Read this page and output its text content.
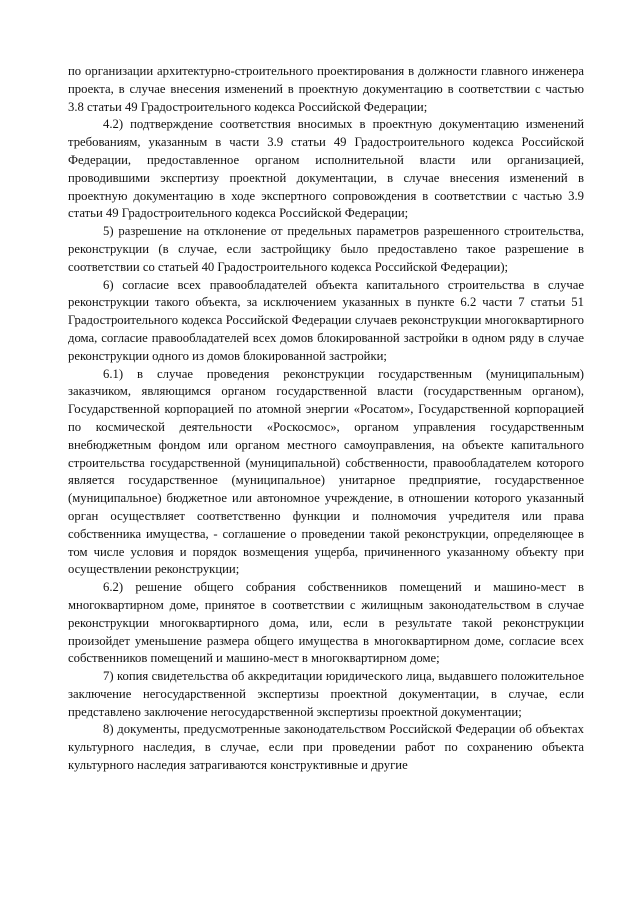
по организации архитектурно-строительного проектирования в должности главного инженера проекта, в случае внесения изменений в проектную документацию в соответствии с частью 3.8 статьи 49 Градостроительного кодекса Российской Федерации;

4.2) подтверждение соответствия вносимых в проектную документацию изменений требованиям, указанным в части 3.9 статьи 49 Градостроительного кодекса Российской Федерации, предоставленное органом исполнительной власти или организацией, проводившими экспертизу проектной документации, в случае внесения изменений в проектную документацию в ходе экспертного сопровождения в соответствии с частью 3.9 статьи 49 Градостроительного кодекса Российской Федерации;

5) разрешение на отклонение от предельных параметров разрешенного строительства, реконструкции (в случае, если застройщику было предоставлено такое разрешение в соответствии со статьей 40 Градостроительного кодекса Российской Федерации);

6) согласие всех правообладателей объекта капитального строительства в случае реконструкции такого объекта, за исключением указанных в пункте 6.2 части 7 статьи 51 Градостроительного кодекса Российской Федерации случаев реконструкции многоквартирного дома, согласие правообладателей всех домов блокированной застройки в одном ряду в случае реконструкции одного из домов блокированной застройки;

6.1) в случае проведения реконструкции государственным (муниципальным) заказчиком, являющимся органом государственной власти (государственным органом), Государственной корпорацией по атомной энергии «Росатом», Государственной корпорацией по космической деятельности «Роскосмос», органом управления государственным внебюджетным фондом или органом местного самоуправления, на объекте капитального строительства государственной (муниципальной) собственности, правообладателем которого является государственное (муниципальное) унитарное предприятие, государственное (муниципальное) бюджетное или автономное учреждение, в отношении которого указанный орган осуществляет соответственно функции и полномочия учредителя или права собственника имущества, - соглашение о проведении такой реконструкции, определяющее в том числе условия и порядок возмещения ущерба, причиненного указанному объекту при осуществлении реконструкции;

6.2) решение общего собрания собственников помещений и машино-мест в многоквартирном доме, принятое в соответствии с жилищным законодательством в случае реконструкции многоквартирного дома, или, если в результате такой реконструкции произойдет уменьшение размера общего имущества в многоквартирном доме, согласие всех собственников помещений и машино-мест в многоквартирном доме;

7) копия свидетельства об аккредитации юридического лица, выдавшего положительное заключение негосударственной экспертизы проектной документации, в случае, если представлено заключение негосударственной экспертизы проектной документации;

8) документы, предусмотренные законодательством Российской Федерации об объектах культурного наследия, в случае, если при проведении работ по сохранению объекта культурного наследия затрагиваются конструктивные и другие
